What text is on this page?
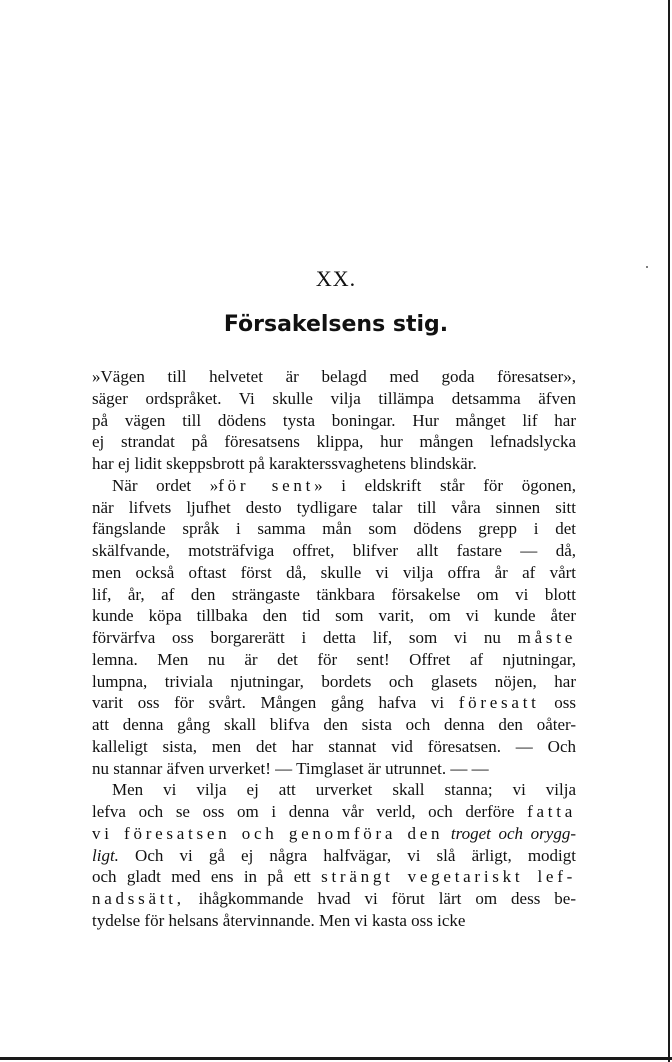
XX.
Försakelsens stig.
»Vägen till helvetet är belagd med goda föresatser»,
säger ordspråket. Vi skulle vilja tillämpa detsamma äfven
på vägen till dödens tysta boningar. Hur månget lif har
ej strandat på föresatsens klippa, hur mången lefnadslycka
har ej lidit skeppsbrott på karakterssvaghetens blindskär.
När ordet »för sent» i eldskrift står för ögonen,
när lifvets ljufhet desto tydligare talar till våra sinnen sitt
fängslande språk i samma mån som dödens grepp i det
skälfvande, motsträfviga offret, blifver allt fastare — då,
men också oftast först då, skulle vi vilja offra år af vårt
lif, år, af den strängaste tänkbara försakelse om vi blott
kunde köpa tillbaka den tid som varit, om vi kunde åter
förvärfva oss borgarerätt i detta lif, som vi nu måste
lemna. Men nu är det för sent! Offret af njutningar,
lumpna, triviala njutningar, bordets och glasets nöjen, har
varit oss för svårt. Mången gång hafva vi föresatt oss
att denna gång skall blifva den sista och denna den oåter-
kalleligt sista, men det har stannat vid föresatsen. — Och
nu stannar äfven urverket! — Timglaset är utrunnet. — —
Men vi vilja ej att urverket skall stanna; vi vilja
lefva och se oss om i denna vår verld, och derföre fatta
vi föresatsen och genomföra den troget och orygg-
ligt. Och vi gå ej några halfvägar, vi slå ärligt, modigt
och gladt med ens in på ett strängt vegetariskt lef-
nadssätt, ihågkommande hvad vi förut lärt om dess be-
tydelse för helsans återvinnande. Men vi kasta oss icke
